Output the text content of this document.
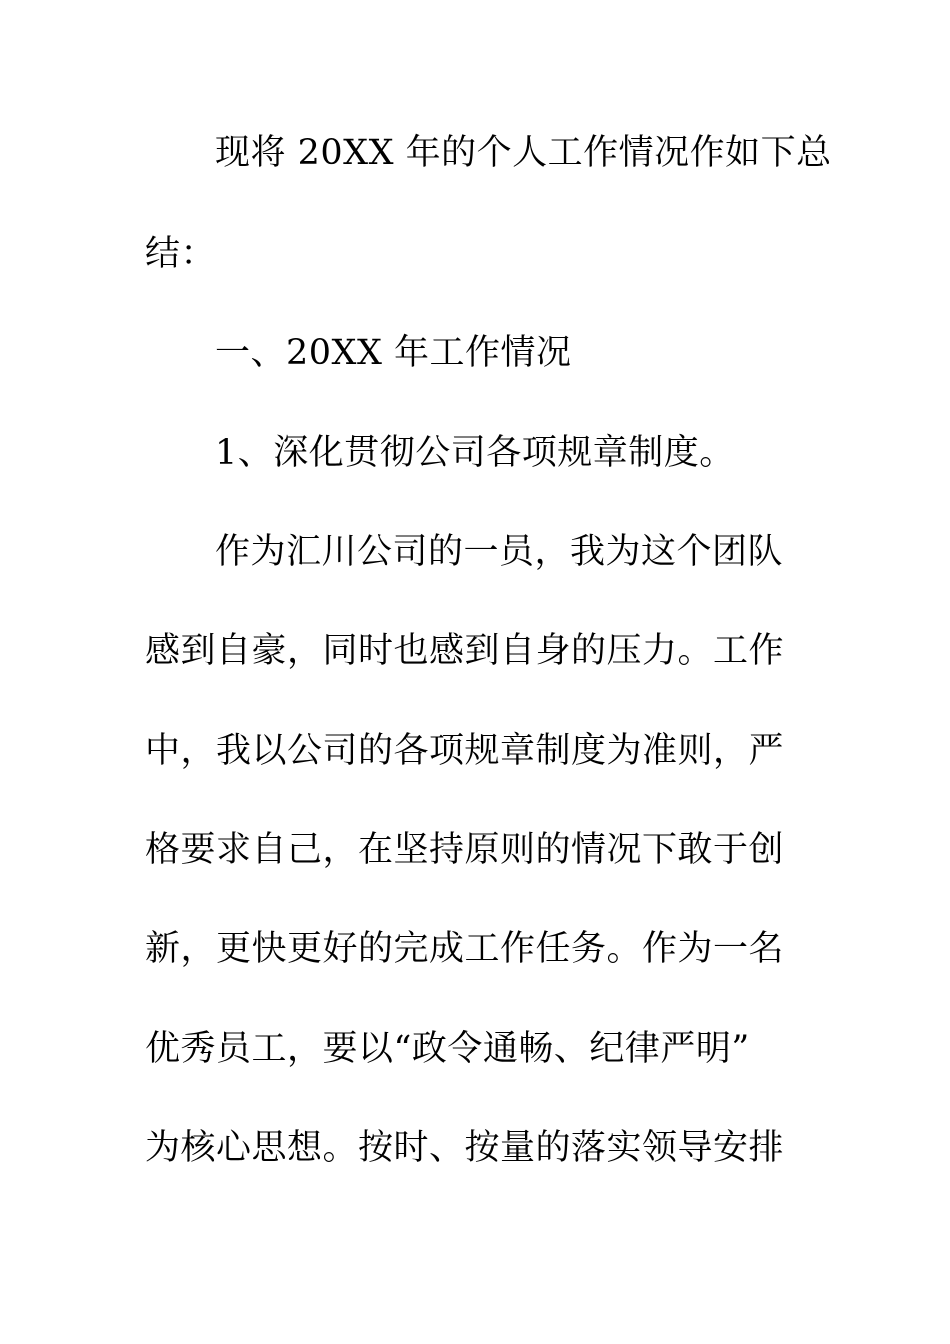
现将 20XX 年的个人工作情况作如下总
结：
一、20XX 年工作情况
1、深化贯彻公司各项规章制度。
作为汇川公司的一员，我为这个团队
感到自豪，同时也感到自身的压力。工作
中，我以公司的各项规章制度为准则，严
格要求自己，在坚持原则的情况下敢于创
新，更快更好的完成工作任务。作为一名
优秀员工，要以“政令通畅、纪律严明”
为核心思想。按时、按量的落实领导安排
